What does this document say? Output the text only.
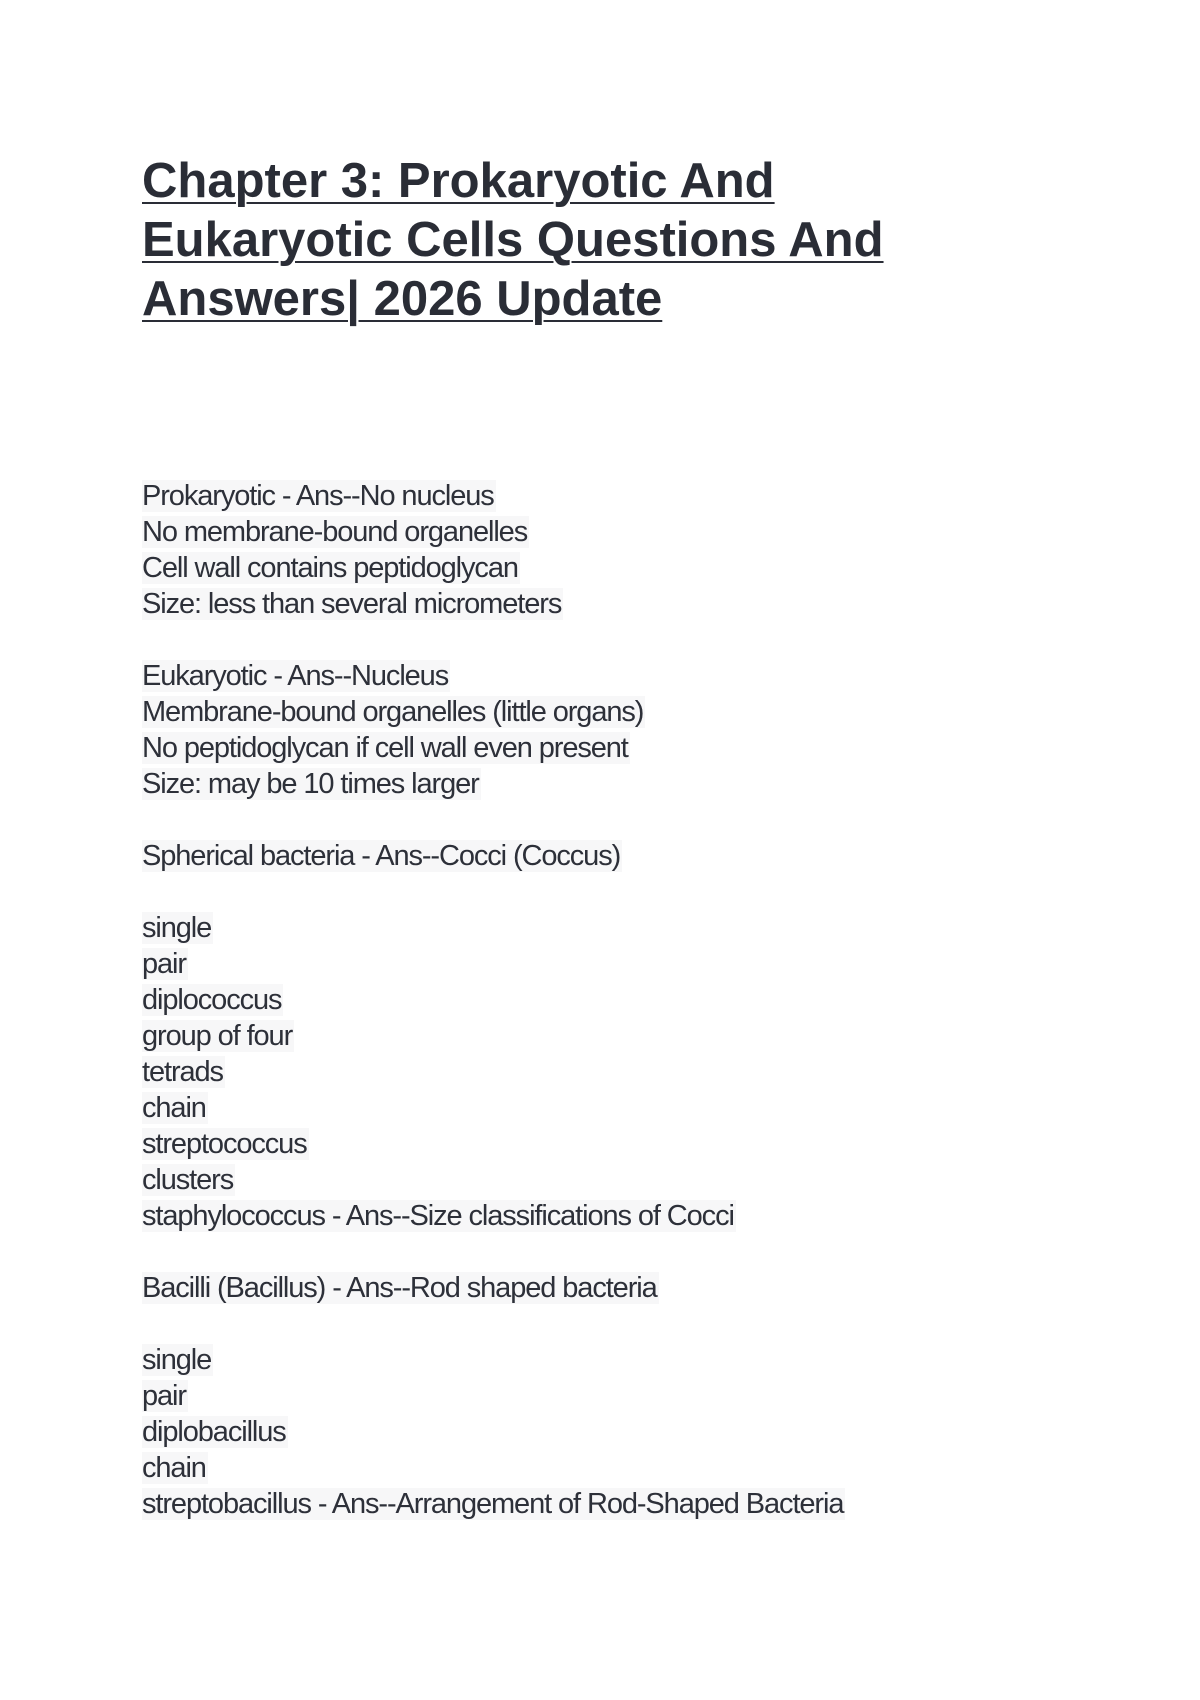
Chapter 3: Prokaryotic And
Eukaryotic Cells Questions And
Answers| 2026 Update
Prokaryotic - Ans--No nucleus
No membrane-bound organelles
Cell wall contains peptidoglycan
Size: less than several micrometers
Eukaryotic - Ans--Nucleus
Membrane-bound organelles (little organs)
No peptidoglycan if cell wall even present
Size: may be 10 times larger
Spherical bacteria - Ans--Cocci (Coccus)
single
pair
diplococcus
group of four
tetrads
chain
streptococcus
clusters
staphylococcus - Ans--Size classifications of Cocci
Bacilli (Bacillus) - Ans--Rod shaped bacteria
single
pair
diplobacillus
chain
streptobacillus - Ans--Arrangement of Rod-Shaped Bacteria
